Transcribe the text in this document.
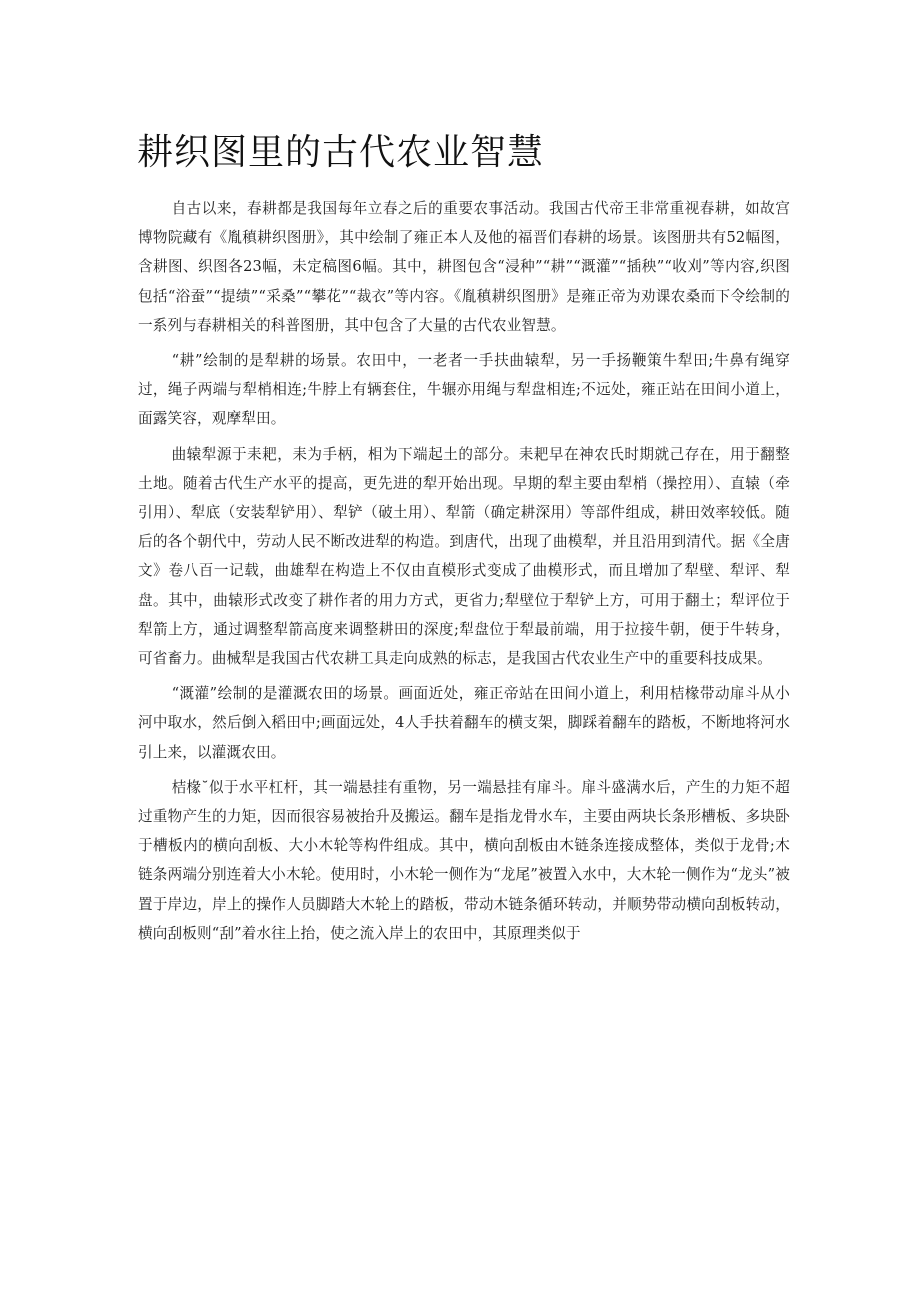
耕织图里的古代农业智慧

自古以来，春耕都是我国每年立春之后的重要农事活动。我国古代帝王非常重视春耕，如故宫博物院藏有《胤稹耕织图册》，其中绘制了雍正本人及他的福晋们春耕的场景。该图册共有52幅图，含耕图、织图各23幅，未定稿图6幅。其中，耕图包含“浸种”“耕”“溉灌”“插秧”“收刈”等内容,织图包括“浴蚕”“提绩”“采桑”“攀花”“裁衣”等内容。《胤稹耕织图册》是雍正帝为劝课农桑而下令绘制的一系列与春耕相关的科普图册，其中包含了大量的古代农业智慧。

“耕”绘制的是犁耕的场景。农田中，一老者一手扶曲辕犁，另一手扬鞭策牛犁田;牛鼻有绳穿过，绳子两端与犁梢相连;牛脖上有辆套住，牛辗亦用绳与犁盘相连;不远处，雍正站在田间小道上，面露笑容，观摩犁田。

曲辕犁源于耒耙，耒为手柄，相为下端起土的部分。耒耙早在神农氏时期就己存在，用于翻整土地。随着古代生产水平的提高，更先进的犁开始出现。早期的犁主要由犁梢（操控用）、直辕（牵引用）、犁底（安装犁铲用）、犁铲（破土用）、犁箭（确定耕深用）等部件组成，耕田效率较低。随后的各个朝代中，劳动人民不断改进犁的构造。到唐代，出现了曲模犁，并且沿用到清代。据《全唐文》卷八百一记载，曲雄犁在构造上不仅由直模形式变成了曲模形式，而且增加了犁壁、犁评、犁盘。其中，曲辕形式改变了耕作者的用力方式，更省力;犁壁位于犁铲上方，可用于翻土；犁评位于犁箭上方，通过调整犁箭高度来调整耕田的深度;犁盘位于犁最前端，用于拉接牛朝，便于牛转身，可省畜力。曲械犁是我国古代农耕工具走向成熟的标志，是我国古代农业生产中的重要科技成果。

“溉灌”绘制的是灌溉农田的场景。画面近处，雍正帝站在田间小道上，利用桔椽带动扉斗从小河中取水，然后倒入稻田中;画面远处，4人手扶着翻车的横支架，脚踩着翻车的踏板，不断地将河水引上来，以灌溉农田。

桔椽˘似于水平杠杆，其一端悬挂有重物，另一端悬挂有扉斗。扉斗盛满水后，产生的力矩不超过重物产生的力矩，因而很容易被抬升及搬运。翻车是指龙骨水车，主要由两块长条形槽板、多块卧于槽板内的横向刮板、大小木轮等构件组成。其中，横向刮板由木链条连接成整体，类似于龙骨;木链条两端分别连着大小木轮。使用时，小木轮一侧作为“龙尾”被置入水中，大木轮一侧作为“龙头”被置于岸边，岸上的操作人员脚踏大木轮上的踏板，带动木链条循环转动，并顺势带动横向刮板转动，横向刮板则“刮”着水往上抬，使之流入岸上的农田中，其原理类似于
